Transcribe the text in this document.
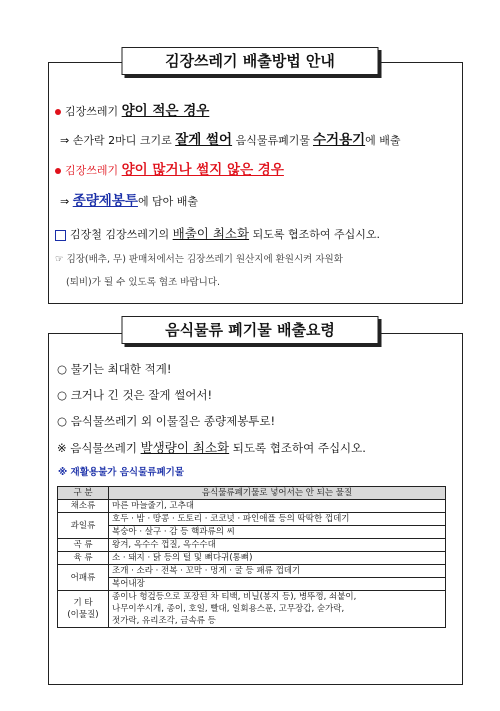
김장쓰레기 배출방법 안내
김장쓰레기 양이 적은 경우
⇒ 손가락 2마디 크기로 잘게 썰어 음식물류폐기물 수거용기에 배출
김장쓰레기 양이 많거나 썰지 않은 경우
⇒ 종량제봉투에 담아 배출
김장철 김장쓰레기의 배출이 최소화 되도록 협조하여 주십시오.
☞ 김장(배추, 무) 판매처에서는 김장쓰레기 원산지에 환원시켜 자원화
(퇴비)가 될 수 있도록 협조 바랍니다.
음식물류 폐기물 배출요령
○ 물기는 최대한 적게!
○ 크거나 긴 것은 잘게 썰어서!
○ 음식물쓰레기 외 이물질은 종량제봉투로!
※ 음식물쓰레기 발생량이 최소화 되도록 협조하여 주십시오.
※ 재활용불가 음식물류폐기물
구 분	음식물류폐기물로 넣어서는 안 되는 물질
채소류	마른 마늘줄기, 고추대
과일류	호두 · 밤 · 땅콩 · 도토리 · 코코넛 · 파인애플 등의 딱딱한 껍데기
	복숭아 · 살구 · 감 등 핵과류의 씨
곡 류	왕겨, 옥수수 껍질, 옥수수대
육 류	소 · 돼지 · 닭 등의 털 및 뼈다귀(통뼈)
어패류	조개 · 소라 · 전복 · 꼬막 · 멍게 · 굴 등 패류 껍데기
	복어내장

기 타
(이물질)	종이나 헝겊등으로 포장된 차 티백, 비닐(봉지 등), 병뚜껑, 쇠붙이,
	나무이쑤시개, 종이, 호일, 빨대, 일회용스푼, 고무장갑, 숟가락,
	젓가락, 유리조각, 금속류 등
